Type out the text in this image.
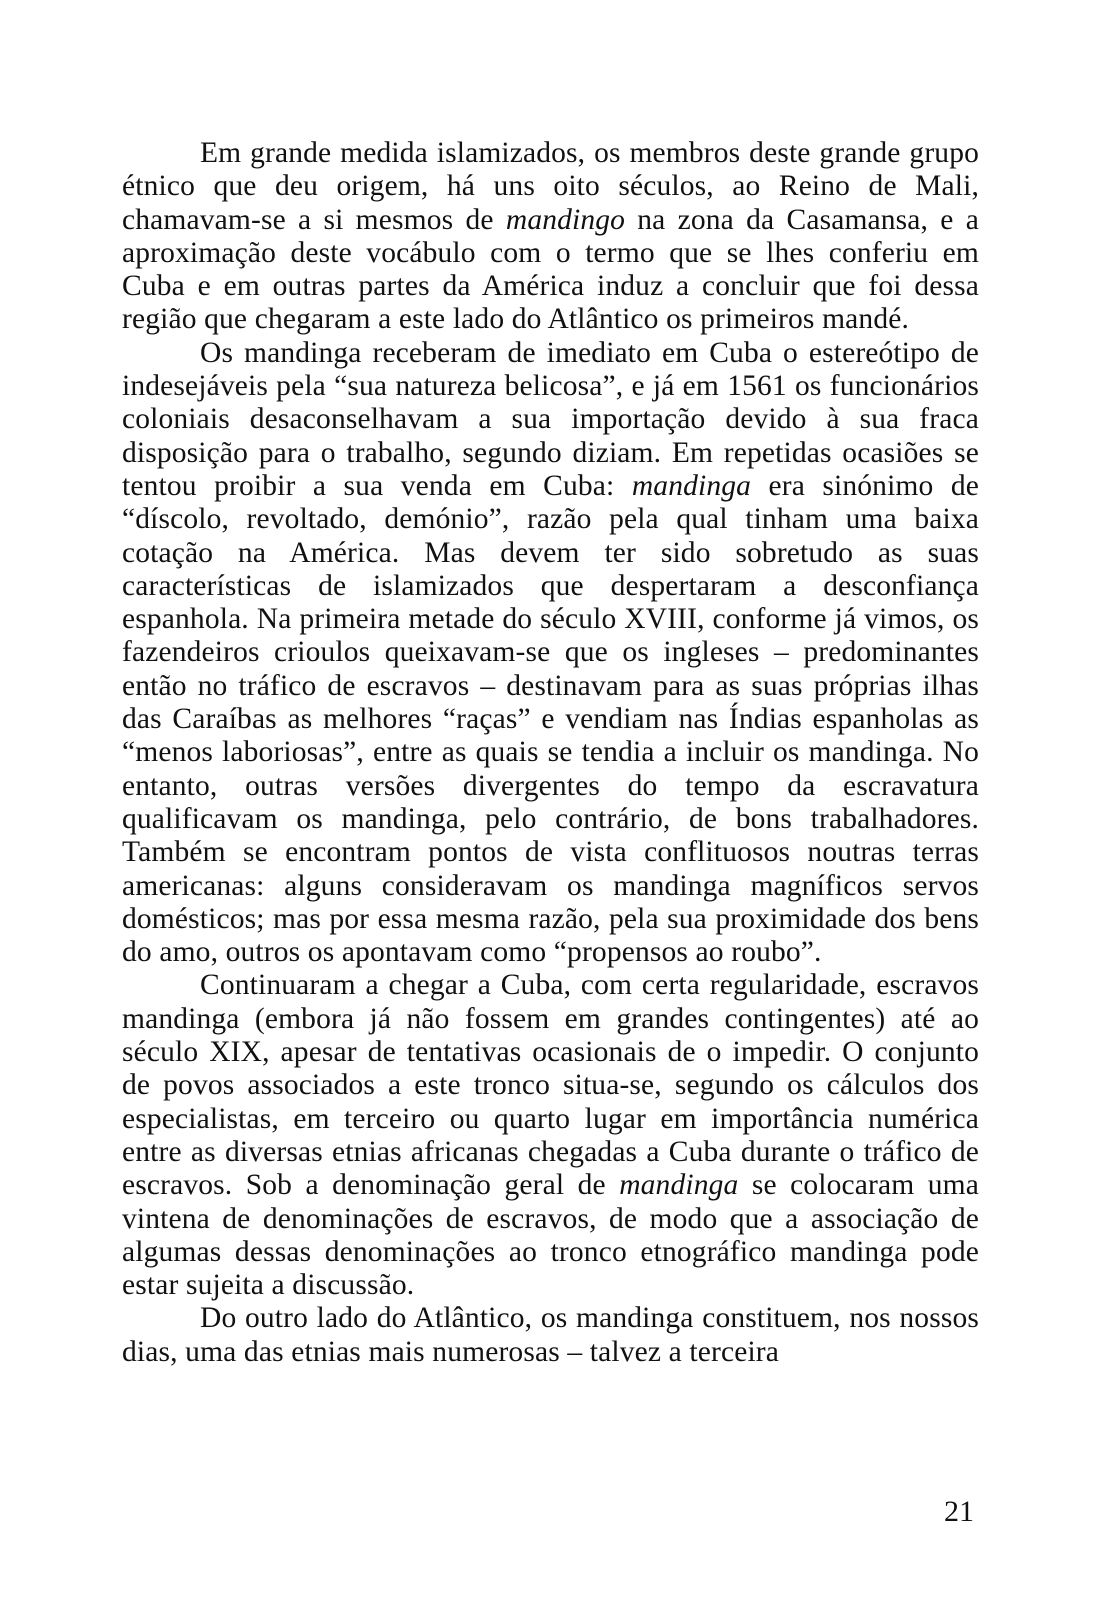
Em grande medida islamizados, os membros deste grande grupo étnico que deu origem, há uns oito séculos, ao Reino de Mali, chamavam-se a si mesmos de mandingo na zona da Casamansa, e a aproximação deste vocábulo com o termo que se lhes conferiu em Cuba e em outras partes da América induz a concluir que foi dessa região que chegaram a este lado do Atlântico os primeiros mandé.

Os mandinga receberam de imediato em Cuba o estereótipo de indesejáveis pela “sua natureza belicosa”, e já em 1561 os funcionários coloniais desaconselhavam a sua importação devido à sua fraca disposição para o trabalho, segundo diziam. Em repetidas ocasiões se tentou proibir a sua venda em Cuba: mandinga era sinónimo de “díscolo, revoltado, demónio”, razão pela qual tinham uma baixa cotação na América. Mas devem ter sido sobretudo as suas características de islamizados que despertaram a desconfiança espanhola. Na primeira metade do século XVIII, conforme já vimos, os fazendeiros crioulos queixavam-se que os ingleses – predominantes então no tráfico de escravos – destinavam para as suas próprias ilhas das Caraíbas as melhores “raças” e vendiam nas Índias espanholas as “menos laboriosas”, entre as quais se tendia a incluir os mandinga. No entanto, outras versões divergentes do tempo da escravatura qualificavam os mandinga, pelo contrário, de bons trabalhadores. Também se encontram pontos de vista conflituosos noutras terras americanas: alguns consideravam os mandinga magníficos servos domésticos; mas por essa mesma razão, pela sua proximidade dos bens do amo, outros os apontavam como “propensos ao roubo”.

Continuaram a chegar a Cuba, com certa regularidade, escravos mandinga (embora já não fossem em grandes contingentes) até ao século XIX, apesar de tentativas ocasionais de o impedir. O conjunto de povos associados a este tronco situa-se, segundo os cálculos dos especialistas, em terceiro ou quarto lugar em importância numérica entre as diversas etnias africanas chegadas a Cuba durante o tráfico de escravos. Sob a denominação geral de mandinga se colocaram uma vintena de denominações de escravos, de modo que a associação de algumas dessas denominações ao tronco etnográfico mandinga pode estar sujeita a discussão.

Do outro lado do Atlântico, os mandinga constituem, nos nossos dias, uma das etnias mais numerosas – talvez a terceira

21
